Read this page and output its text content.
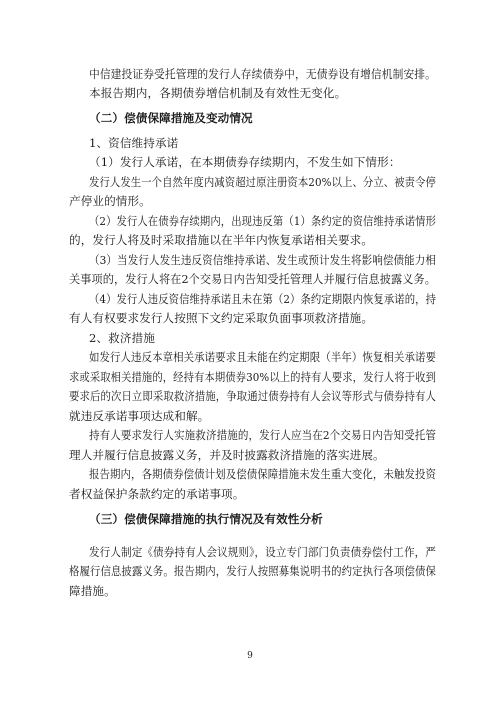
中信建投证券受托管理的发行人存续债券中，无债券设有增信机制安排。
本报告期内，各期债券增信机制及有效性无变化。
（二）偿债保障措施及变动情况
1、资信维持承诺
（1）发行人承诺，在本期债券存续期内，不发生如下情形：
发行人发生一个自然年度内减资超过原注册资本20%以上、分立、被责令停
产停业的情形。
（2）发行人在债券存续期内，出现违反第（1）条约定的资信维持承诺情形
的，发行人将及时采取措施以在半年内恢复承诺相关要求。
（3）当发行人发生违反资信维持承诺、发生或预计发生将影响偿债能力相
关事项的，发行人将在2个交易日内告知受托管理人并履行信息披露义务。
（4）发行人违反资信维持承诺且未在第（2）条约定期限内恢复承诺的，持
有人有权要求发行人按照下文约定采取负面事项救济措施。
2、救济措施
如发行人违反本章相关承诺要求且未能在约定期限（半年）恢复相关承诺要
求或采取相关措施的，经持有本期债券30%以上的持有人要求，发行人将于收到
要求后的次日立即采取救济措施，争取通过债券持有人会议等形式与债券持有人
就违反承诺事项达成和解。
持有人要求发行人实施救济措施的，发行人应当在2个交易日内告知受托管
理人并履行信息披露义务，并及时披露救济措施的落实进展。
报告期内，各期债券偿债计划及偿债保障措施未发生重大变化，未触发投资
者权益保护条款约定的承诺事项。
（三）偿债保障措施的执行情况及有效性分析
发行人制定《债券持有人会议规则》，设立专门部门负责债券偿付工作，严
格履行信息披露义务。报告期内，发行人按照募集说明书的约定执行各项偿债保
障措施。
9
